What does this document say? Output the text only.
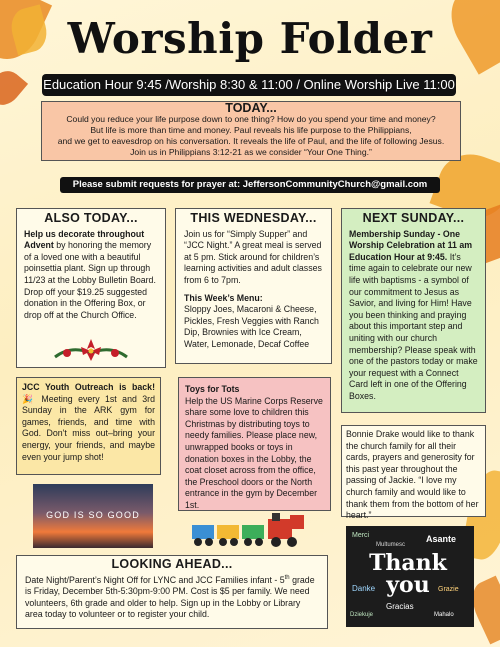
Worship Folder
Education Hour 9:45 /Worship 8:30 & 11:00 / Online Worship Live 11:00
TODAY...
Could you reduce your life purpose down to one thing? How do you spend your time and money?
But life is more than time and money. Paul reveals his life purpose to the Philippians,
and we get to eavesdrop on his conversation. It reveals the life of Paul, and the life of following Jesus.
Join us in Philippians 3:12-21 as we consider “Your One Thing.”
Please submit requests for prayer at: JeffersonCommunityChurch@gmail.com
ALSO TODAY...
Help us decorate throughout Advent by honoring the memory of a loved one with a beautiful poinsettia plant. Sign up through 11/23 at the Lobby Bulletin Board. Drop off your $19.25 suggested donation in the Offering Box, or drop off at the Church Office.
THIS WEDNESDAY...
Join us for “Simply Supper” and “JCC Night.” A great meal is served at 5 pm. Stick around for children’s learning activities and adult classes from 6 to 7pm.
This Week’s Menu:
Sloppy Joes, Macaroni & Cheese, Pickles, Fresh Veggies with Ranch Dip, Brownies with Ice Cream, Water, Lemonade, Decaf Coffee
NEXT SUNDAY...
Membership Sunday - One Worship Celebration at 11 am Education Hour at 9:45. It’s time again to celebrate our new life with baptisms - a symbol of our commitment to Jesus as Savior, and living for Him! Have you been thinking and praying about this important step and uniting with our church membership? Please speak with one of the pastors today or make your request with a Connect Card left in one of the Offering Boxes.
JCC Youth Outreach is back! 🎉 Meeting every 1st and 3rd Sunday in the ARK gym for games, friends, and time with God. Don't miss out–bring your energy, your friends, and maybe even your jump shot!
Toys for Tots
Help the US Marine Corps Reserve share some love to children this Christmas by distributing toys to needy families. Please place new, unwrapped books or toys in donation boxes in the Lobby, the coat closet across from the office, the Preschool doors or the North entrance in the gym by December 1st.
Bonnie Drake would like to thank the church family for all their cards, prayers and generosity for this past year throughout the passing of Jackie. “I love my church family and would like to thank them from the bottom of her heart.”
GOD IS SO GOOD
LOOKING AHEAD...
Date Night/Parent’s Night Off for LYNC and JCC Families infant - 5th grade is Friday, December 5th-5:30pm-9:00 PM. Cost is $5 per family. We need volunteers, 6th grade and older to help. Sign up in the Lobby or Library area today to volunteer or to register your child.
Thank you
Merci	Asante
Danke
Gracias
Multumesc
Grazie
Dziekuje	Mahalo
